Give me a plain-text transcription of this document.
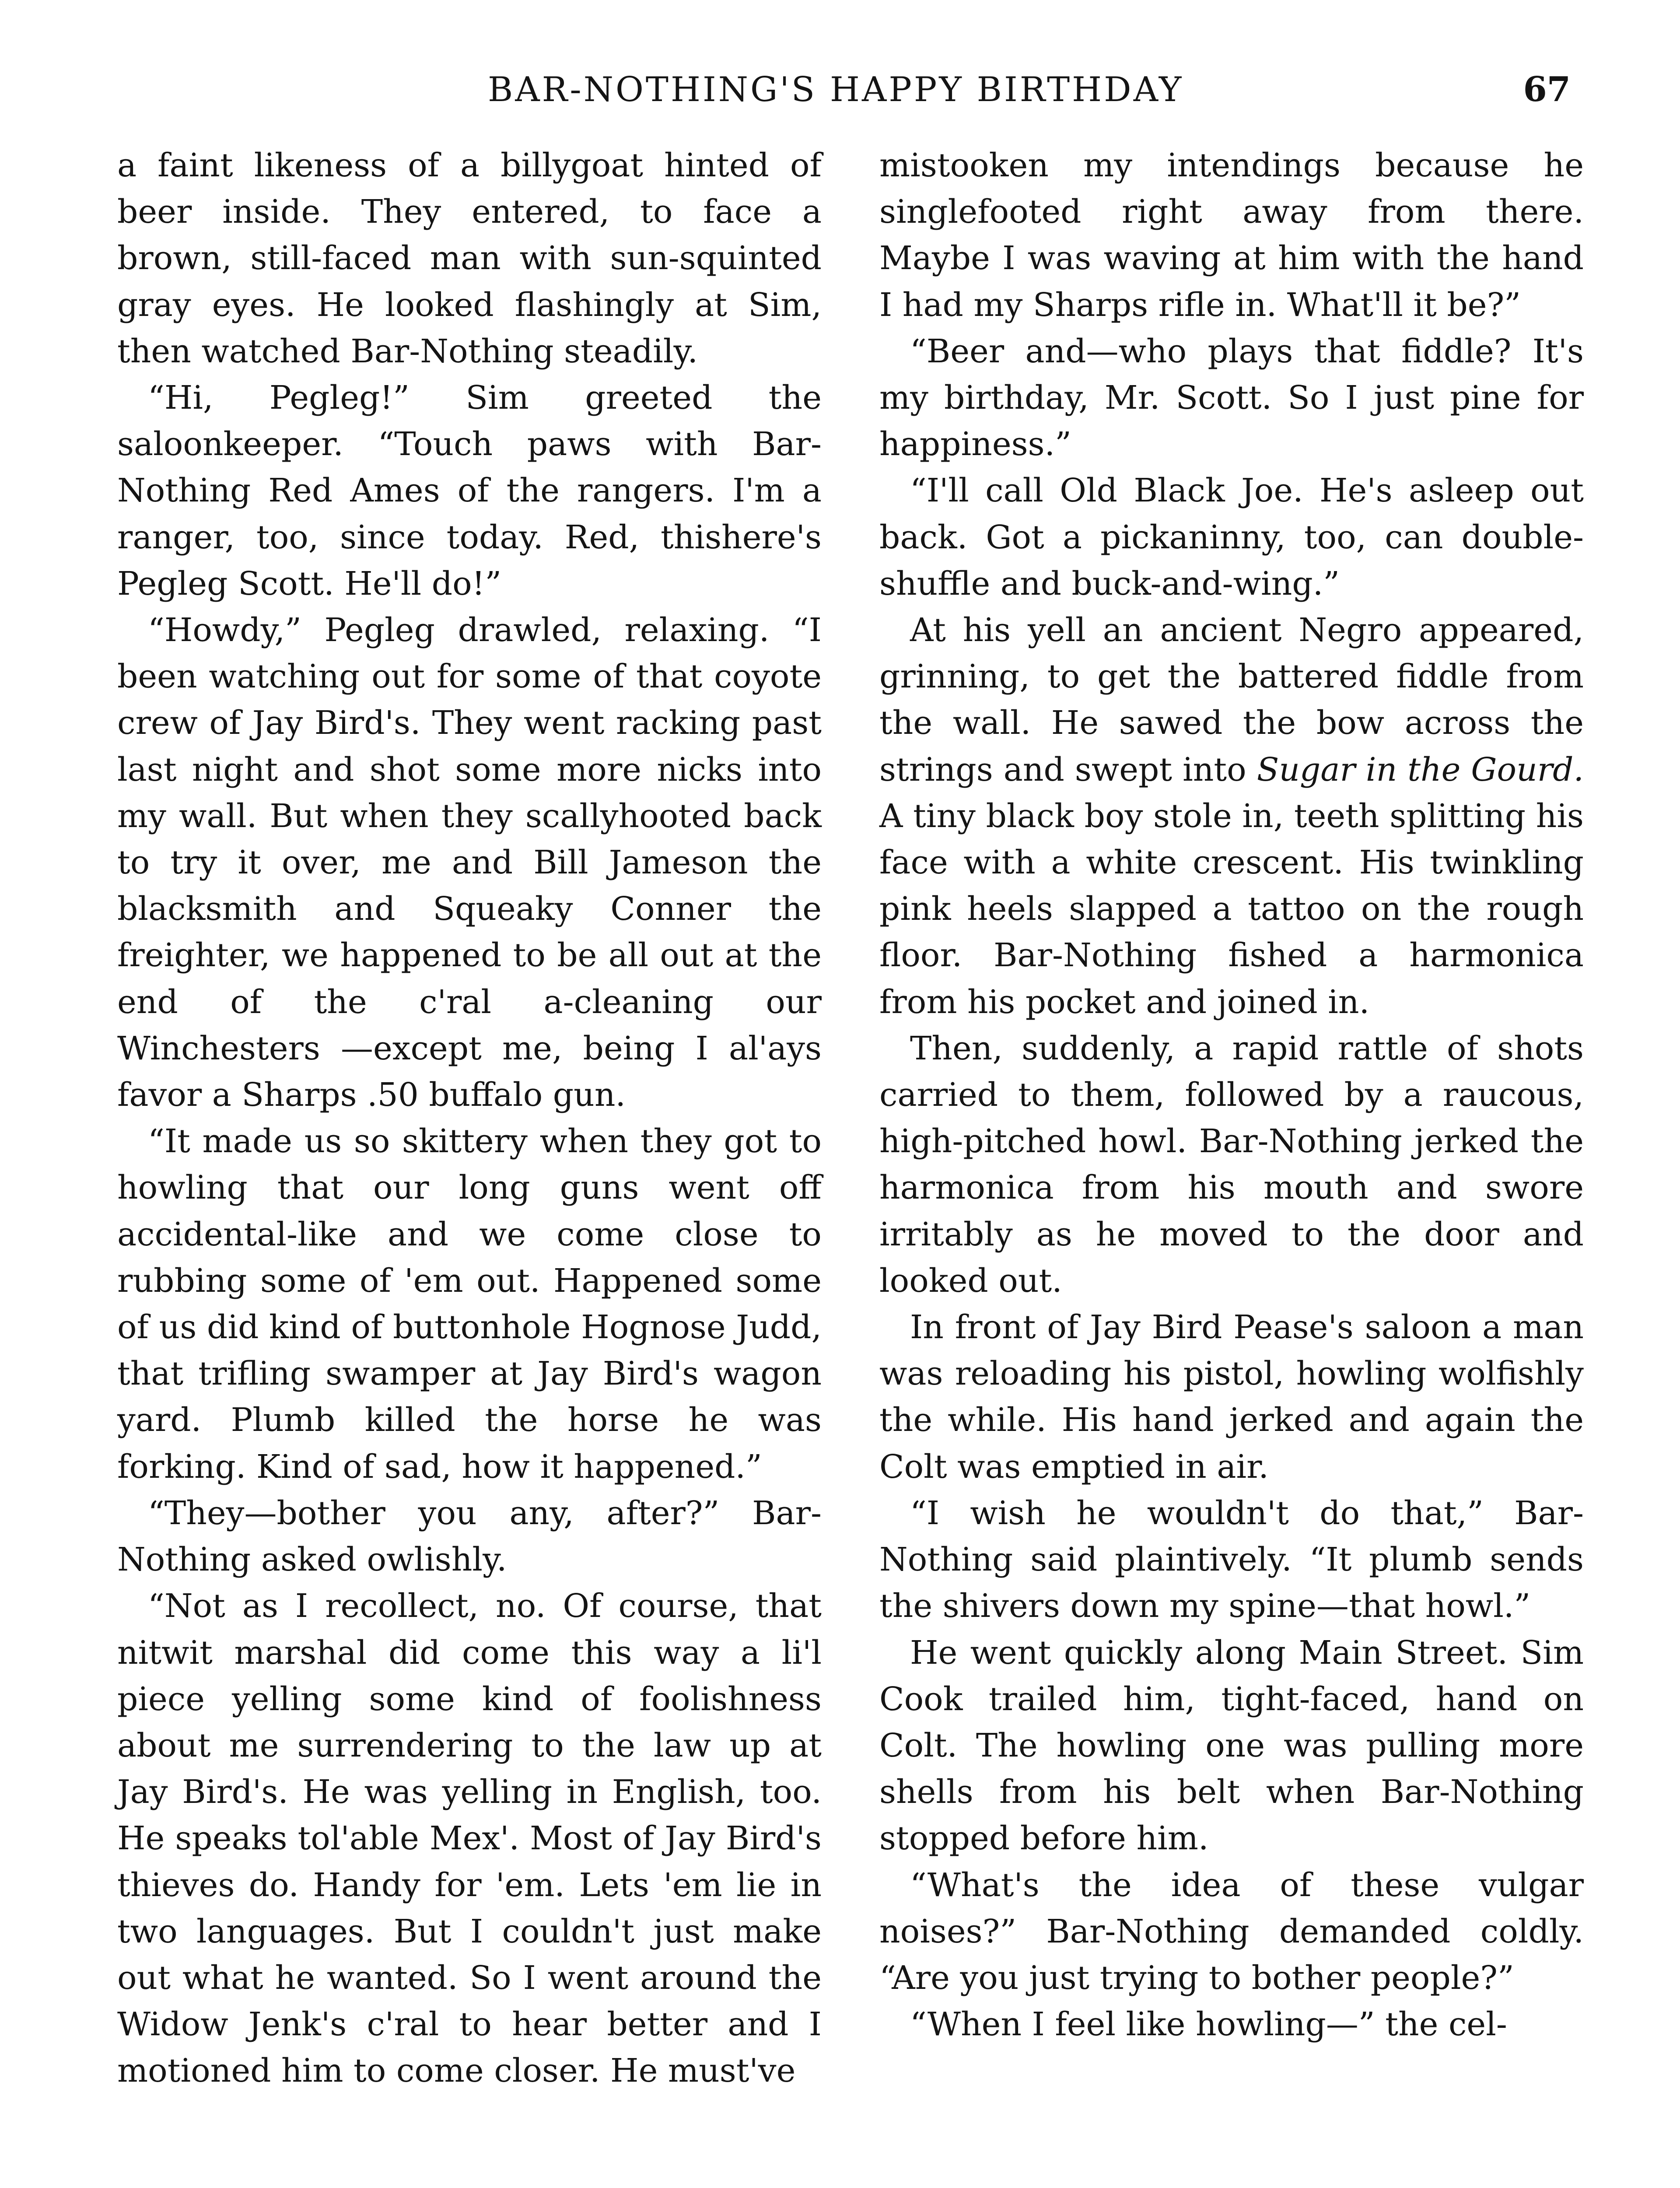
BAR-NOTHING'S HAPPY BIRTHDAY	67

a faint likeness of a billygoat hinted of beer inside. They entered, to face a brown, still-faced man with sun-squinted gray eyes. He looked flashingly at Sim, then watched Bar-Nothing steadily.

“Hi, Pegleg!” Sim greeted the saloonkeeper. “Touch paws with Bar-Nothing Red Ames of the rangers. I'm a ranger, too, since today. Red, thishere's Pegleg Scott. He'll do!”

“Howdy,” Pegleg drawled, relaxing. “I been watching out for some of that coyote crew of Jay Bird's. They went racking past last night and shot some more nicks into my wall. But when they scallyhooted back to try it over, me and Bill Jameson the blacksmith and Squeaky Conner the freighter, we happened to be all out at the end of the c'ral a-cleaning our Winchesters —except me, being I al'ays favor a Sharps .50 buffalo gun.

“It made us so skittery when they got to howling that our long guns went off accidental-like and we come close to rubbing some of 'em out. Happened some of us did kind of buttonhole Hognose Judd, that trifling swamper at Jay Bird's wagon yard. Plumb killed the horse he was forking. Kind of sad, how it happened.”

“They—bother you any, after?” Bar-Nothing asked owlishly.

“Not as I recollect, no. Of course, that nitwit marshal did come this way a li'l piece yelling some kind of foolishness about me surrendering to the law up at Jay Bird's. He was yelling in English, too. He speaks tol'able Mex'. Most of Jay Bird's thieves do. Handy for 'em. Lets 'em lie in two languages. But I couldn't just make out what he wanted. So I went around the Widow Jenk's c'ral to hear better and I motioned him to come closer. He must've

mistooken my intendings because he singlefooted right away from there. Maybe I was waving at him with the hand I had my Sharps rifle in. What'll it be?”

“Beer and—who plays that fiddle? It's my birthday, Mr. Scott. So I just pine for happiness.”

“I'll call Old Black Joe. He's asleep out back. Got a pickaninny, too, can double-shuffle and buck-and-wing.”

At his yell an ancient Negro appeared, grinning, to get the battered fiddle from the wall. He sawed the bow across the strings and swept into Sugar in the Gourd. A tiny black boy stole in, teeth splitting his face with a white crescent. His twinkling pink heels slapped a tattoo on the rough floor. Bar-Nothing fished a harmonica from his pocket and joined in.

Then, suddenly, a rapid rattle of shots carried to them, followed by a raucous, high-pitched howl. Bar-Nothing jerked the harmonica from his mouth and swore irritably as he moved to the door and looked out.

In front of Jay Bird Pease's saloon a man was reloading his pistol, howling wolfishly the while. His hand jerked and again the Colt was emptied in air.

“I wish he wouldn't do that,” Bar-Nothing said plaintively. “It plumb sends the shivers down my spine—that howl.”

He went quickly along Main Street. Sim Cook trailed him, tight-faced, hand on Colt. The howling one was pulling more shells from his belt when Bar-Nothing stopped before him.

“What's the idea of these vulgar noises?” Bar-Nothing demanded coldly. “Are you just trying to bother people?”

“When I feel like howling—” the cel-
